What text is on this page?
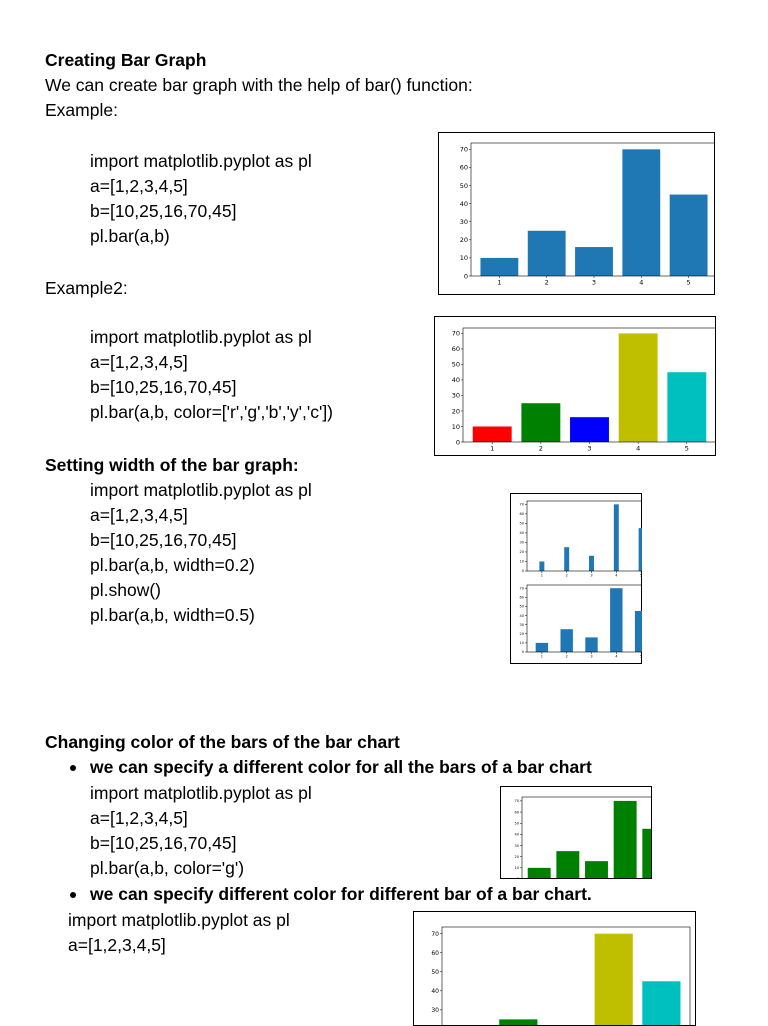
Creating Bar Graph
We can create bar graph with the help of bar() function:
Example:
import matplotlib.pyplot as pl
a=[1,2,3,4,5]
b=[10,25,16,70,45]
pl.bar(a,b)
0
10
20
30
40
50
60
70
1	2	3	4	5
Example2:
import matplotlib.pyplot as pl
a=[1,2,3,4,5]
b=[10,25,16,70,45]
pl.bar(a,b, color=['r','g','b','y','c'])
0
10
20
30
40
50
60
70
1	2	3	4	5
Setting width of the bar graph:
import matplotlib.pyplot as pl
a=[1,2,3,4,5]
b=[10,25,16,70,45]
pl.bar(a,b, width=0.2)
pl.show()
pl.bar(a,b, width=0.5)
0
10
20
30
40
50
60
70
1	2	3	4	5
0
10
20
30
40
50
60
70
1	2	3	4	5
Changing color of the bars of the bar chart
we can specify a different color for all the bars of a bar chart
import matplotlib.pyplot as pl
a=[1,2,3,4,5]
b=[10,25,16,70,45]
pl.bar(a,b, color='g')
0
10
20
30
40
50
60
70
we can specify different color for different bar of a bar chart.
import matplotlib.pyplot as pl
a=[1,2,3,4,5]
30
40
50
60
70
